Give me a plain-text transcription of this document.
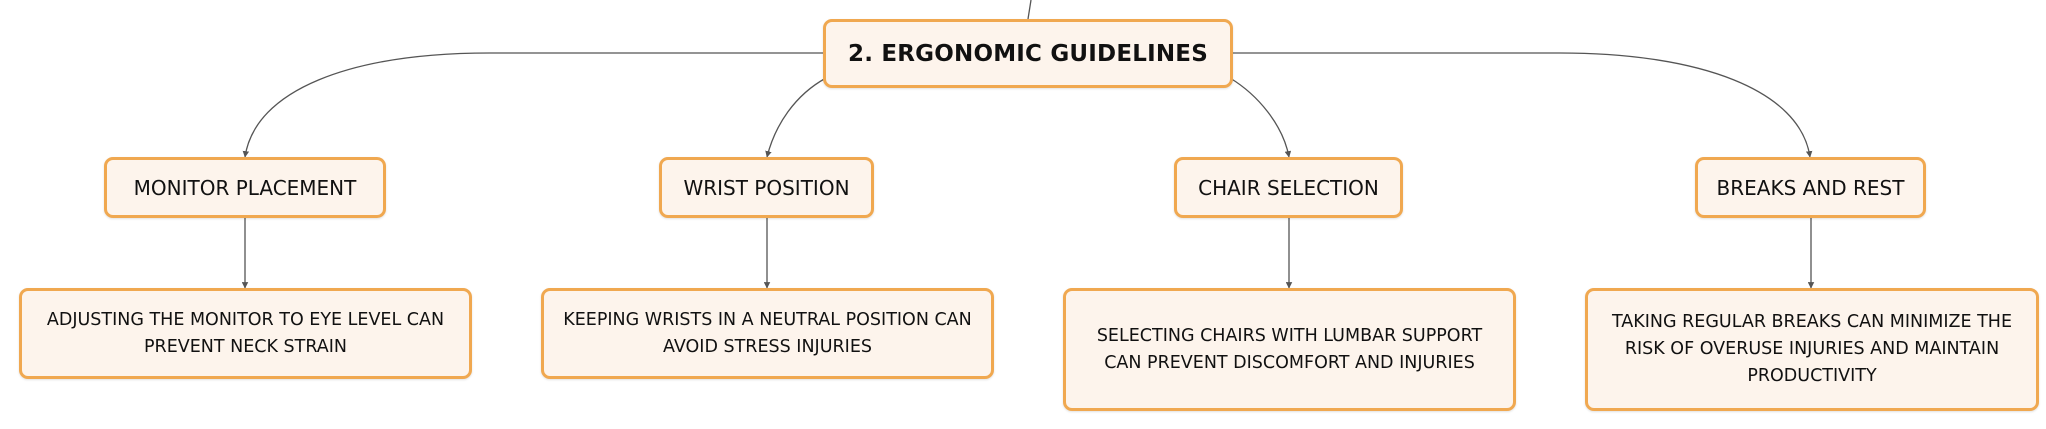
2. ERGONOMIC GUIDELINES
MONITOR PLACEMENT	WRIST POSITION	CHAIR SELECTION	BREAKS AND REST
ADJUSTING THE MONITOR TO EYE LEVEL CAN PREVENT NECK STRAIN
KEEPING WRISTS IN A NEUTRAL POSITION CAN AVOID STRESS INJURIES
SELECTING CHAIRS WITH LUMBAR SUPPORT CAN PREVENT DISCOMFORT AND INJURIES
TAKING REGULAR BREAKS CAN MINIMIZE THE RISK OF OVERUSE INJURIES AND MAINTAIN PRODUCTIVITY
